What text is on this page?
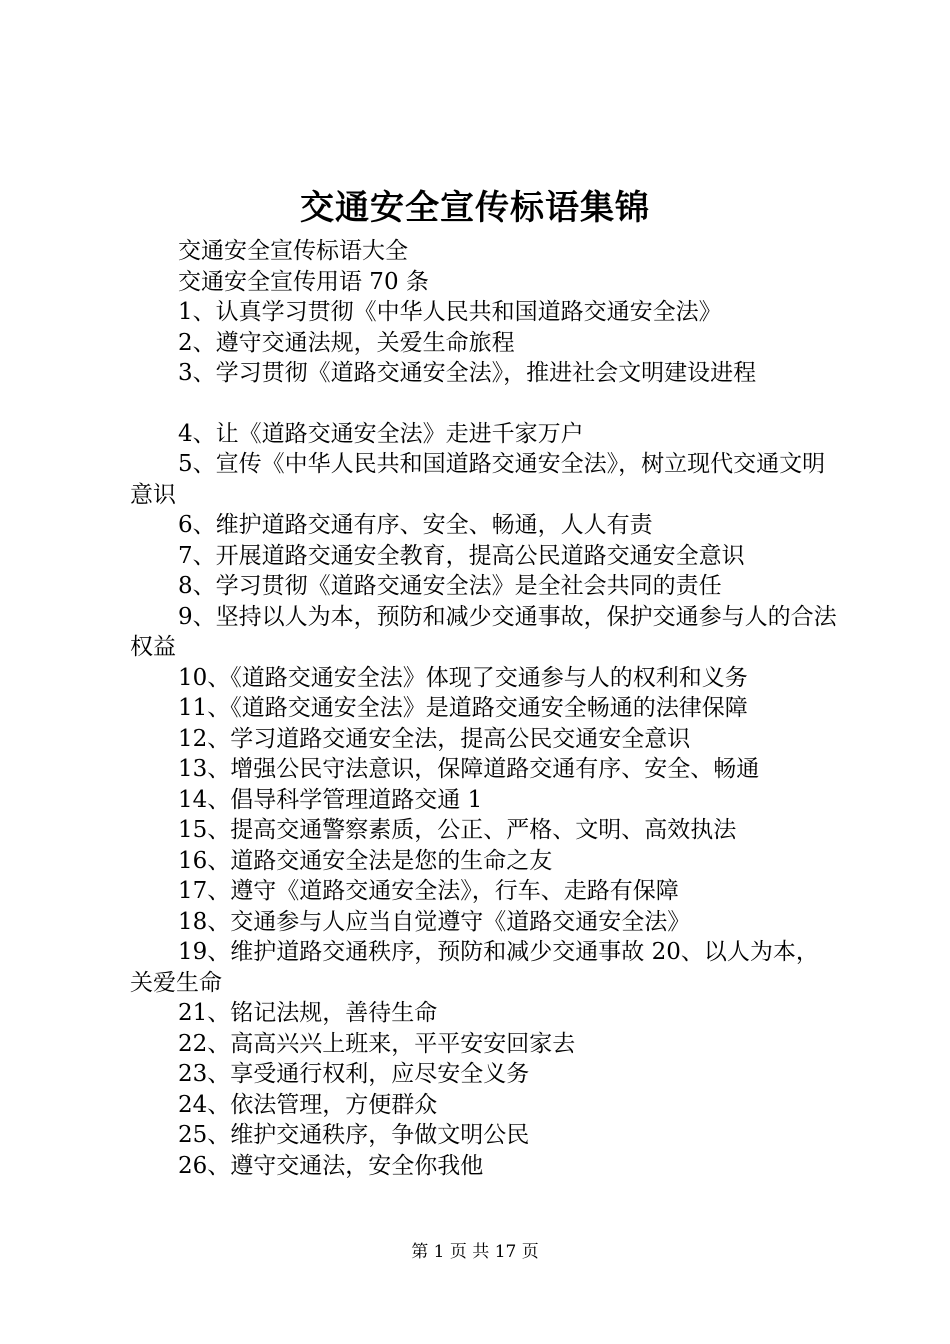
交通安全宣传标语集锦

交通安全宣传标语大全

交通安全宣传用语 70 条

1、认真学习贯彻《中华人民共和国道路交通安全法》

2、遵守交通法规，关爱生命旅程

3、学习贯彻《道路交通安全法》，推进社会文明建设进程

4、让《道路交通安全法》走进千家万户

5、宣传《中华人民共和国道路交通安全法》，树立现代交通文明意识

6、维护道路交通有序、安全、畅通，人人有责

7、开展道路交通安全教育，提高公民道路交通安全意识

8、学习贯彻《道路交通安全法》是全社会共同的责任

9、坚持以人为本，预防和减少交通事故，保护交通参与人的合法权益

10、《道路交通安全法》体现了交通参与人的权利和义务

11、《道路交通安全法》是道路交通安全畅通的法律保障

12、学习道路交通安全法，提高公民交通安全意识

13、增强公民守法意识，保障道路交通有序、安全、畅通

14、倡导科学管理道路交通 1

15、提高交通警察素质，公正、严格、文明、高效执法

16、道路交通安全法是您的生命之友

17、遵守《道路交通安全法》，行车、走路有保障

18、交通参与人应当自觉遵守《道路交通安全法》

19、维护道路交通秩序，预防和减少交通事故 20、以人为本，关爱生命

21、铭记法规，善待生命

22、高高兴兴上班来，平平安安回家去

23、享受通行权利，应尽安全义务

24、依法管理，方便群众

25、维护交通秩序，争做文明公民

26、遵守交通法，安全你我他

第 1 页 共 17 页
